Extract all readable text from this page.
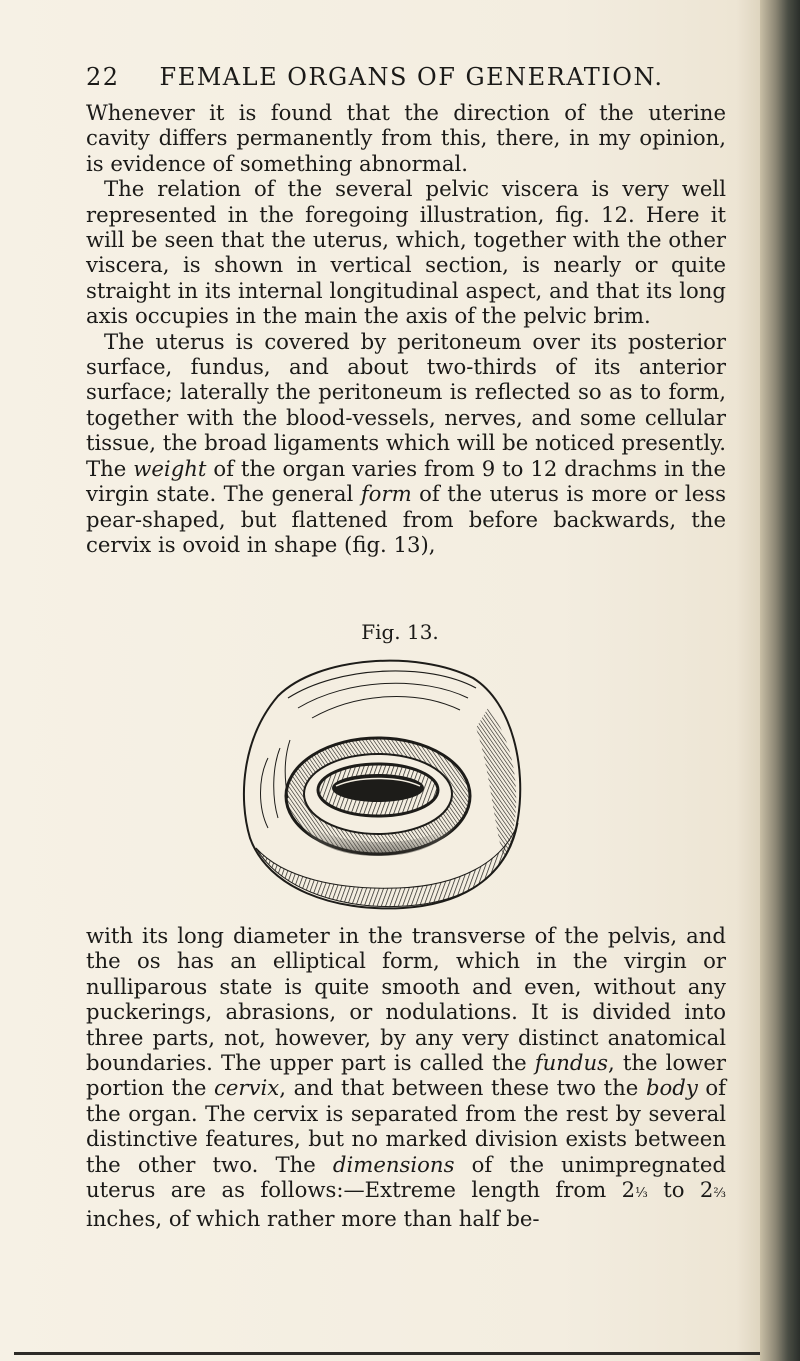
22 FEMALE ORGANS OF GENERATION.

Whenever it is found that the direction of the uterine cavity differs permanently from this, there, in my opinion, is evidence of something abnormal.

The relation of the several pelvic viscera is very well represented in the foregoing illustration, fig. 12. Here it will be seen that the uterus, which, together with the other viscera, is shown in vertical section, is nearly or quite straight in its internal longitudinal aspect, and that its long axis occupies in the main the axis of the pelvic brim.

The uterus is covered by peritoneum over its posterior surface, fundus, and about two-thirds of its anterior surface; laterally the peritoneum is reflected so as to form, together with the blood-vessels, nerves, and some cellular tissue, the broad ligaments which will be noticed presently. The weight of the organ varies from 9 to 12 drachms in the virgin state. The general form of the uterus is more or less pear-shaped, but flattened from before backwards, the cervix is ovoid in shape (fig. 13),

Fig. 13.

with its long diameter in the transverse of the pelvis, and the os has an elliptical form, which in the virgin or nulliparous state is quite smooth and even, without any puckerings, abrasions, or nodulations. It is divided into three parts, not, however, by any very distinct anatomical boundaries. The upper part is called the fundus, the lower portion the cervix, and that between these two the body of the organ. The cervix is separated from the rest by several distinctive features, but no marked division exists between the other two. The dimensions of the unimpregnated uterus are as follows:—Extreme length from 2⅓ to 2⅔ inches, of which rather more than half be-
